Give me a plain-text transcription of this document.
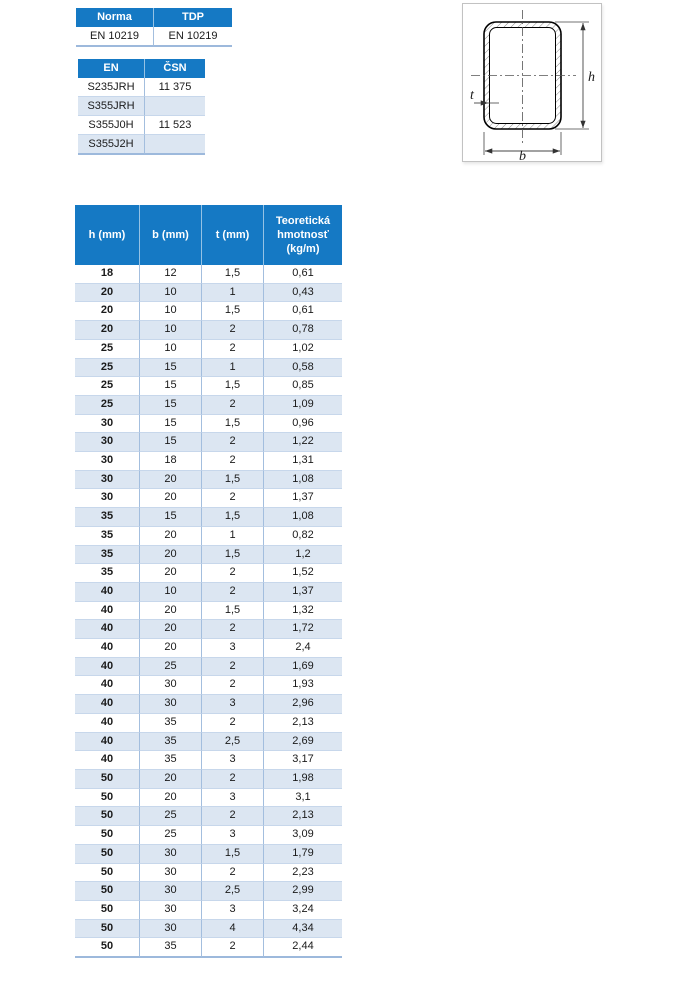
Norma	TDP
EN 10219	EN 10219
EN	ČSN
S235JRH	11 375
S355JRH	
S355J0H	11 523
S355J2H	
h
b
t
h (mm)	b (mm)	t (mm)	Teoretická hmotnosť (kg/m)
18	12	1,5	0,61
20	10	1	0,43
20	10	1,5	0,61
20	10	2	0,78
25	10	2	1,02
25	15	1	0,58
25	15	1,5	0,85
25	15	2	1,09
30	15	1,5	0,96
30	15	2	1,22
30	18	2	1,31
30	20	1,5	1,08
30	20	2	1,37
35	15	1,5	1,08
35	20	1	0,82
35	20	1,5	1,2
35	20	2	1,52
40	10	2	1,37
40	20	1,5	1,32
40	20	2	1,72
40	20	3	2,4
40	25	2	1,69
40	30	2	1,93
40	30	3	2,96
40	35	2	2,13
40	35	2,5	2,69
40	35	3	3,17
50	20	2	1,98
50	20	3	3,1
50	25	2	2,13
50	25	3	3,09
50	30	1,5	1,79
50	30	2	2,23
50	30	2,5	2,99
50	30	3	3,24
50	30	4	4,34
50	35	2	2,44
